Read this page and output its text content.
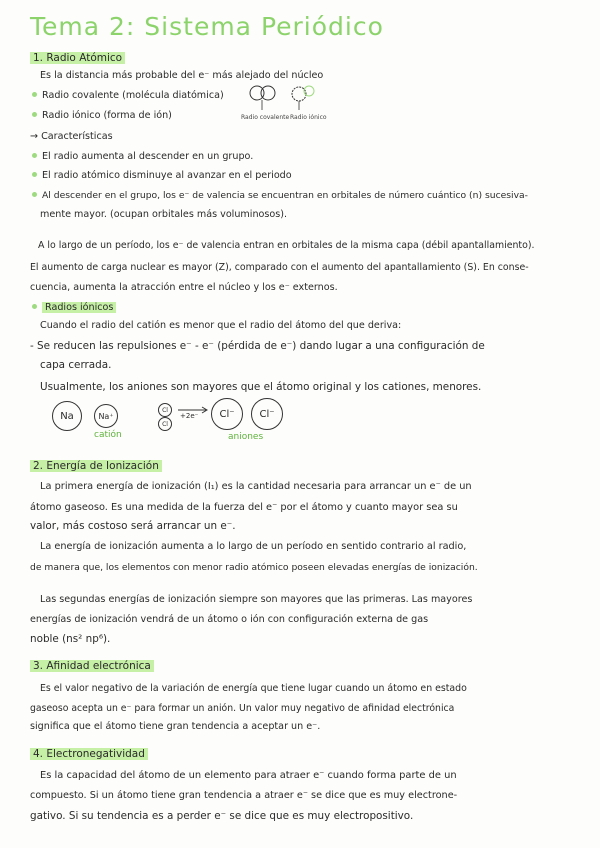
Tema 2: Sistema Periódico
1. Radio Atómico
Es la distancia más probable del e⁻ más alejado del núcleo
Radio covalente (molécula diatómica)
Radio iónico (forma de ión)	Radio covalente Radio iónico
→ Características
El radio aumenta al descender en un grupo.
El radio atómico disminuye al avanzar en el periodo
Al descender en el grupo, los e⁻ de valencia se encuentran en orbitales de número cuántico (n) sucesiva-
mente mayor. (ocupan orbitales más voluminosos).
A lo largo de un período, los e⁻ de valencia entran en orbitales de la misma capa (débil apantallamiento).
El aumento de carga nuclear es mayor (Z), comparado con el aumento del apantallamiento (S). En conse-
cuencia, aumenta la atracción entre el núcleo y los e⁻ externos.
Radios iónicos
Cuando el radio del catión es menor que el radio del átomo del que deriva:
- Se reducen las repulsiones e⁻ - e⁻ (pérdida de e⁻) dando lugar a una configuración de
capa cerrada.
Usualmente, los aniones son mayores que el átomo original y los cationes, menores.
Na	Na⁺
Cl
Cl
+2e⁻	Cl⁻	Cl⁻
catión	aniones
2. Energía de Ionización
La primera energía de ionización (I₁) es la cantidad necesaria para arrancar un e⁻ de un
átomo gaseoso. Es una medida de la fuerza del e⁻ por el átomo y cuanto mayor sea su
valor, más costoso será arrancar un e⁻.
La energía de ionización aumenta a lo largo de un período en sentido contrario al radio,
de manera que, los elementos con menor radio atómico poseen elevadas energías de ionización.
Las segundas energías de ionización siempre son mayores que las primeras. Las mayores
energías de ionización vendrá de un átomo o ión con configuración externa de gas
noble (ns² np⁶).
3. Afinidad electrónica
Es el valor negativo de la variación de energía que tiene lugar cuando un átomo en estado
gaseoso acepta un e⁻ para formar un anión. Un valor muy negativo de afinidad electrónica
significa que el átomo tiene gran tendencia a aceptar un e⁻.
4. Electronegatividad
Es la capacidad del átomo de un elemento para atraer e⁻ cuando forma parte de un
compuesto. Si un átomo tiene gran tendencia a atraer e⁻ se dice que es muy electrone-
gativo. Si su tendencia es a perder e⁻ se dice que es muy electropositivo.
